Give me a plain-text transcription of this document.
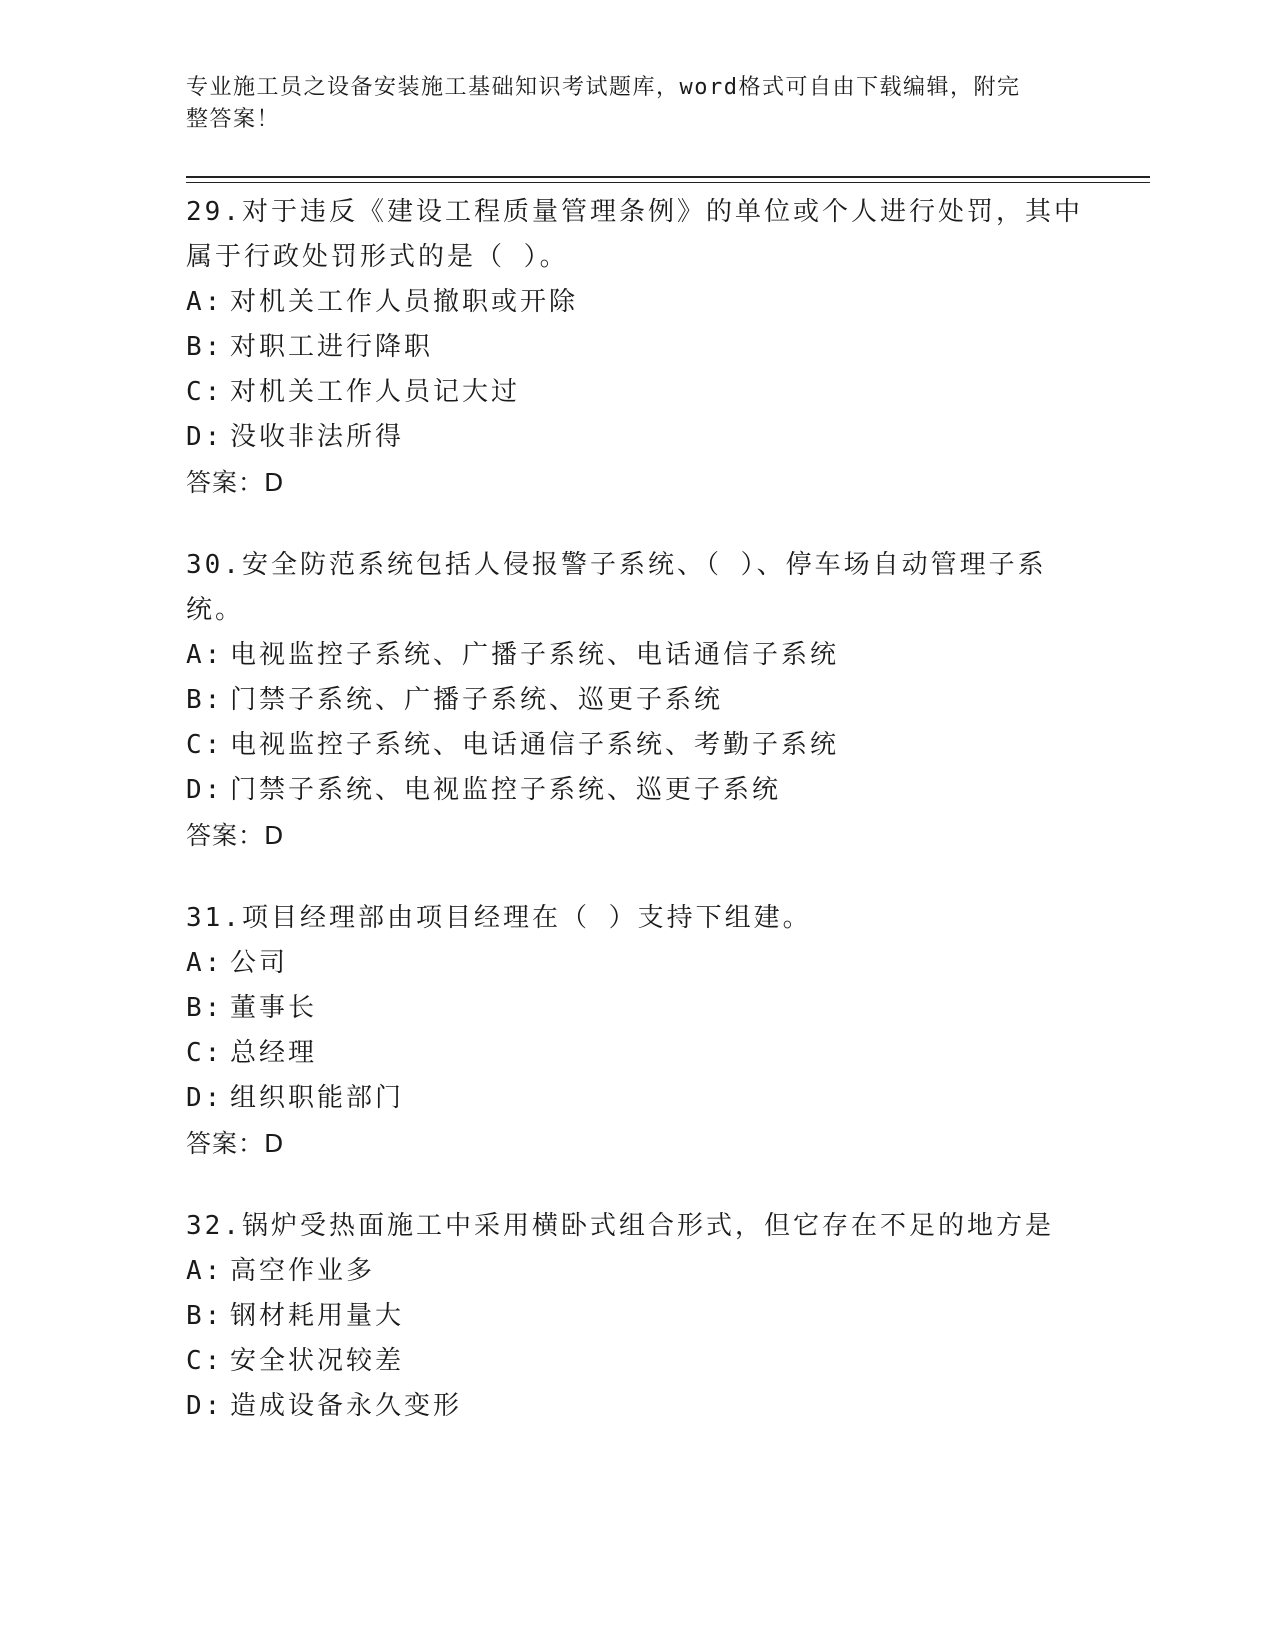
专业施工员之设备安装施工基础知识考试题库，word格式可自由下载编辑，附完
整答案！

29.对于违反《建设工程质量管理条例》的单位或个人进行处罚，其中

属于行政处罚形式的是（ ）。

A: 对机关工作人员撤职或开除

B: 对职工进行降职

C: 对机关工作人员记大过

D: 没收非法所得

答案：D

30.安全防范系统包括人侵报警子系统、（ ）、停车场自动管理子系

统。

A: 电视监控子系统、广播子系统、电话通信子系统

B: 门禁子系统、广播子系统、巡更子系统

C: 电视监控子系统、电话通信子系统、考勤子系统

D: 门禁子系统、电视监控子系统、巡更子系统

答案：D

31.项目经理部由项目经理在（ ）支持下组建。

A: 公司

B: 董事长

C: 总经理

D: 组织职能部门

答案：D

32.锅炉受热面施工中采用横卧式组合形式，但它存在不足的地方是

A: 高空作业多

B: 钢材耗用量大

C: 安全状况较差

D: 造成设备永久变形
